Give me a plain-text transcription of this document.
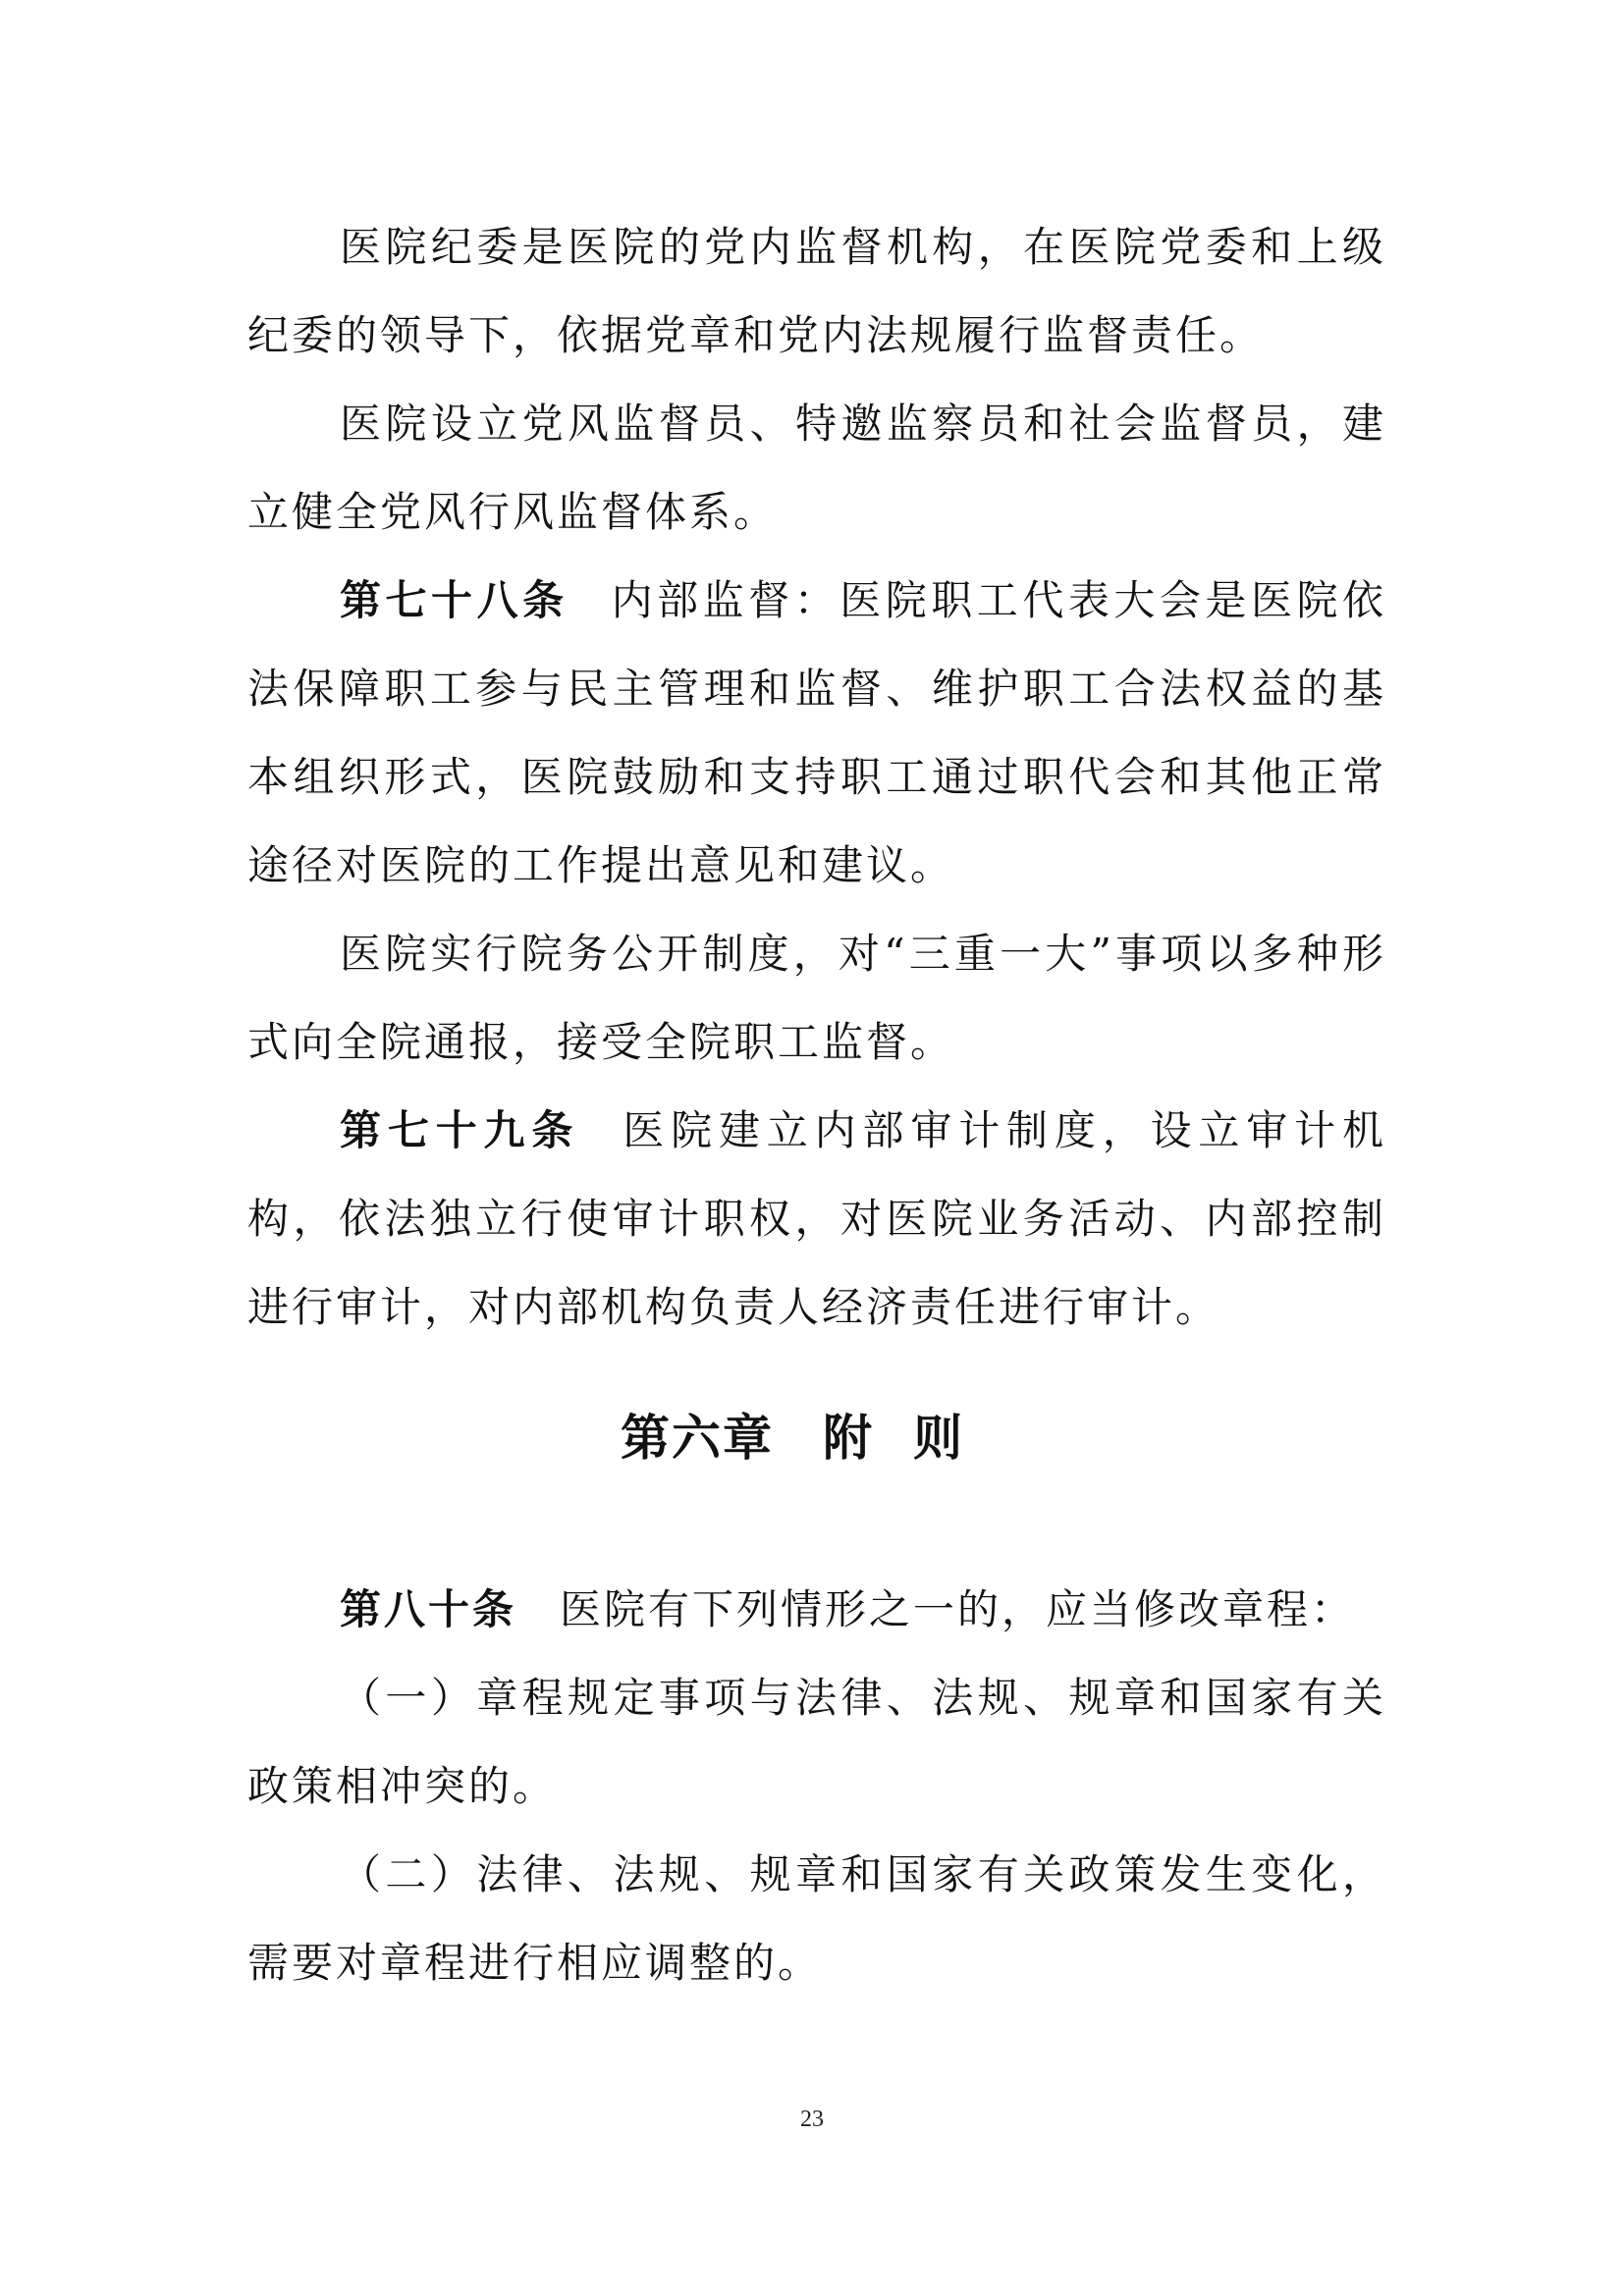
医院纪委是医院的党内监督机构，在医院党委和上级纪委的领导下，依据党章和党内法规履行监督责任。

医院设立党风监督员、特邀监察员和社会监督员，建立健全党风行风监督体系。

第七十八条 内部监督：医院职工代表大会是医院依法保障职工参与民主管理和监督、维护职工合法权益的基本组织形式，医院鼓励和支持职工通过职代会和其他正常途径对医院的工作提出意见和建议。

医院实行院务公开制度，对“三重一大”事项以多种形式向全院通报，接受全院职工监督。

第七十九条 医院建立内部审计制度，设立审计机构，依法独立行使审计职权，对医院业务活动、内部控制进行审计，对内部机构负责人经济责任进行审计。

第六章 附则

第八十条 医院有下列情形之一的，应当修改章程：

（一）章程规定事项与法律、法规、规章和国家有关政策相冲突的。

（二）法律、法规、规章和国家有关政策发生变化，需要对章程进行相应调整的。

23
